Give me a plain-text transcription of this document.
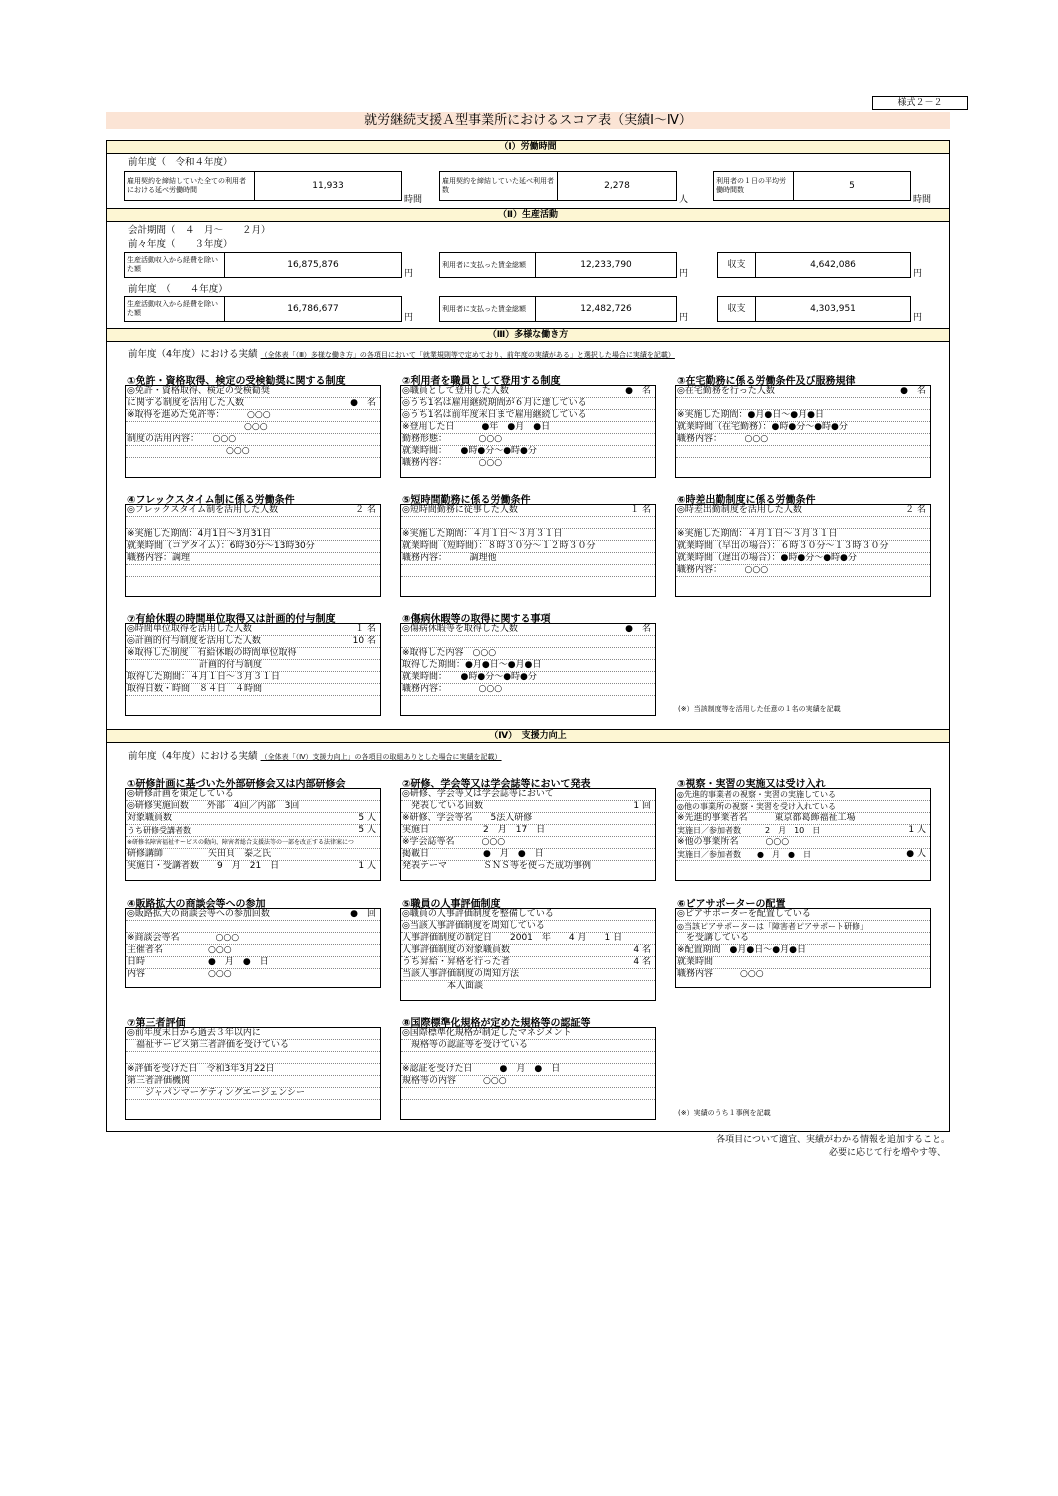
様式２－２
就労継続支援Ａ型事業所におけるスコア表（実績Ⅰ～Ⅳ）
（Ⅰ）労働時間
前年度（　令和４年度）
雇用契約を締結していた全ての利用者における延べ労働時間	11,933
時間
雇用契約を締結していた延べ利用者数	2,278
人
利用者の１日の平均労働時間数	5
時間
（Ⅱ）生産活動
会計期間（　４　月～　　２月）
前々年度（　　３年度）
生産活動収入から経費を除いた額	16,875,876
円
利用者に支払った賃金総額	12,233,790
円
収支	4,642,086
円
前年度　（　　４年度）
生産活動収入から経費を除いた額	16,786,677
円
利用者に支払った賃金総額	12,482,726
円
収支	4,303,951
円
（Ⅲ）多様な働き方
前年度（4年度）における実績 （全体表「（Ⅲ）多様な働き方」の各項目において「就業規則等で定めており、前年度の実績がある」と選択した場合に実績を記載）
①免許・資格取得、検定の受検勧奨に関する制度
◎免許・資格取得、検定の受検勧奨
に関する制度を活用した人数	●　名
※取得を進めた免許等：　　　○○○
　　　　　　　　　　　　　○○○
制度の活用内容：　　○○○
　　　　　　　　　　　○○○
②利用者を職員として登用する制度
◎職員として登用した人数	●　名
◎うち1名は雇用継続期間が６月に達している
◎うち1名は前年度末日まで雇用継続している
※登用した日　　　●年　●月　●日
勤務形態：　　　　○○○
就業時間：　　●時●分～●時●分
職務内容：　　　　○○○
③在宅勤務に係る労働条件及び服務規律
◎在宅勤務を行った人数	●　名
※実施した期間：●月●日～●月●日
就業時間（在宅勤務）：●時●分～●時●分
職務内容：　　　○○○
④フレックスタイム制に係る労働条件
◎フレックスタイム制を活用した人数	２ 名
※実施した期間：4月1日～3月31日
就業時間（コアタイム）：6時30分～13時30分
職務内容：調理
⑤短時間勤務に係る労働条件
◎短時間勤務に従事した人数	１ 名
※実施した期間：４月１日～３月３１日
就業時間（短時間）：８時３０分～１２時３０分
職務内容：　　　調理他
⑥時差出勤制度に係る労働条件
◎時差出勤制度を活用した人数	２ 名
※実施した期間：４月１日～３月３１日
就業時間（早出の場合）：６時３０分～１３時３０分
就業時間（遅出の場合）：●時●分～●時●分
職務内容：　　　○○○
⑦有給休暇の時間単位取得又は計画的付与制度
◎時間単位取得を活用した人数	１ 名
◎計画的付与制度を活用した人数	10 名
※取得した制度　有給休暇の時間単位取得
　　　　　　　　計画的付与制度
取得した期間：４月１日～３月３１日
取得日数・時間　８４日　４時間
⑧傷病休暇等の取得に関する事項
◎傷病休暇等を取得した人数	●　名
※取得した内容　○○○
取得した期間：●月●日～●月●日
就業時間：　　●時●分～●時●分
職務内容：　　　　○○○
(※）当該制度等を活用した任意の１名の実績を記載
（Ⅳ）　支援力向上
前年度（4年度）における実績 （全体表「（Ⅳ）支援力向上」の各項目の取組ありとした場合に実績を記載）
①研修計画に基づいた外部研修会又は内部研修会
◎研修計画を策定している
◎研修実施回数　　外部　4回／内部　3回
対象職員数	5 人
うち研修受講者数	5 人
※研修名障害福祉サービスの動向、障害者総合支援法等の一部を改正する法律案につ
研修講師　　　　　矢田貝　泰之氏
実施日・受講者数　　9　月　21　日	1 人
②研修、学会等又は学会誌等において発表
◎研修、学会等又は学会誌等において
　発表している回数	1 回
※研修、学会等名　　5法人研修
実施日　　　　　　2　月　17　日
※学会誌等名　　　○○○
掲載日　　　　　　●　月　●　日
発表テーマ　　　　ＳＮＳ等を使った成功事例
③視察・実習の実施又は受け入れ
◎先進的事業者の視察・実習の実施している
◎他の事業所の視察・実習を受け入れている
※先進的事業者名　　　東京都葛飾福祉工場
実施日／参加者数　　　2　月　10　日	1 人
※他の事業所名　　　○○○
実施日／参加者数　　●　月　●　日	● 人
④販路拡大の商談会等への参加
◎販路拡大の商談会等への参加回数	●　回
※商談会等名　　　　○○○
主催者名　　　　　○○○
日時　　　　　　　●　月　●　日
内容　　　　　　　○○○
⑤職員の人事評価制度
◎職員の人事評価制度を整備している
◎当該人事評価制度を周知している
人事評価制度の制定日　　2001　年　　4 月　　1 日
人事評価制度の対象職員数	4 名
うち昇給・昇格を行った者	4 名
当該人事評価制度の周知方法
　　　　　本人面談
⑥ピアサポーターの配置
◎ピアサポーターを配置している
◎当該ピアサポーターは「障害者ピアサポート研修」
　を受講している
※配置期間　●月●日～●月●日
就業時間
職務内容　　　○○○
⑦第三者評価
◎前年度末日から過去３年以内に
　福祉サービス第三者評価を受けている
※評価を受けた日　令和3年3月22日
第三者評価機関
　　ジャパンマーケティングエージェンシー
⑧国際標準化規格が定めた規格等の認証等
◎国際標準化規格が制定したマネジメント
　規格等の認証等を受けている
※認証を受けた日　　　●　月　●　日
規格等の内容　　　○○○
(※）実績のうち１事例を記載
各項目について適宜、実績がわかる情報を追加すること。
必要に応じて行を増やす等、
